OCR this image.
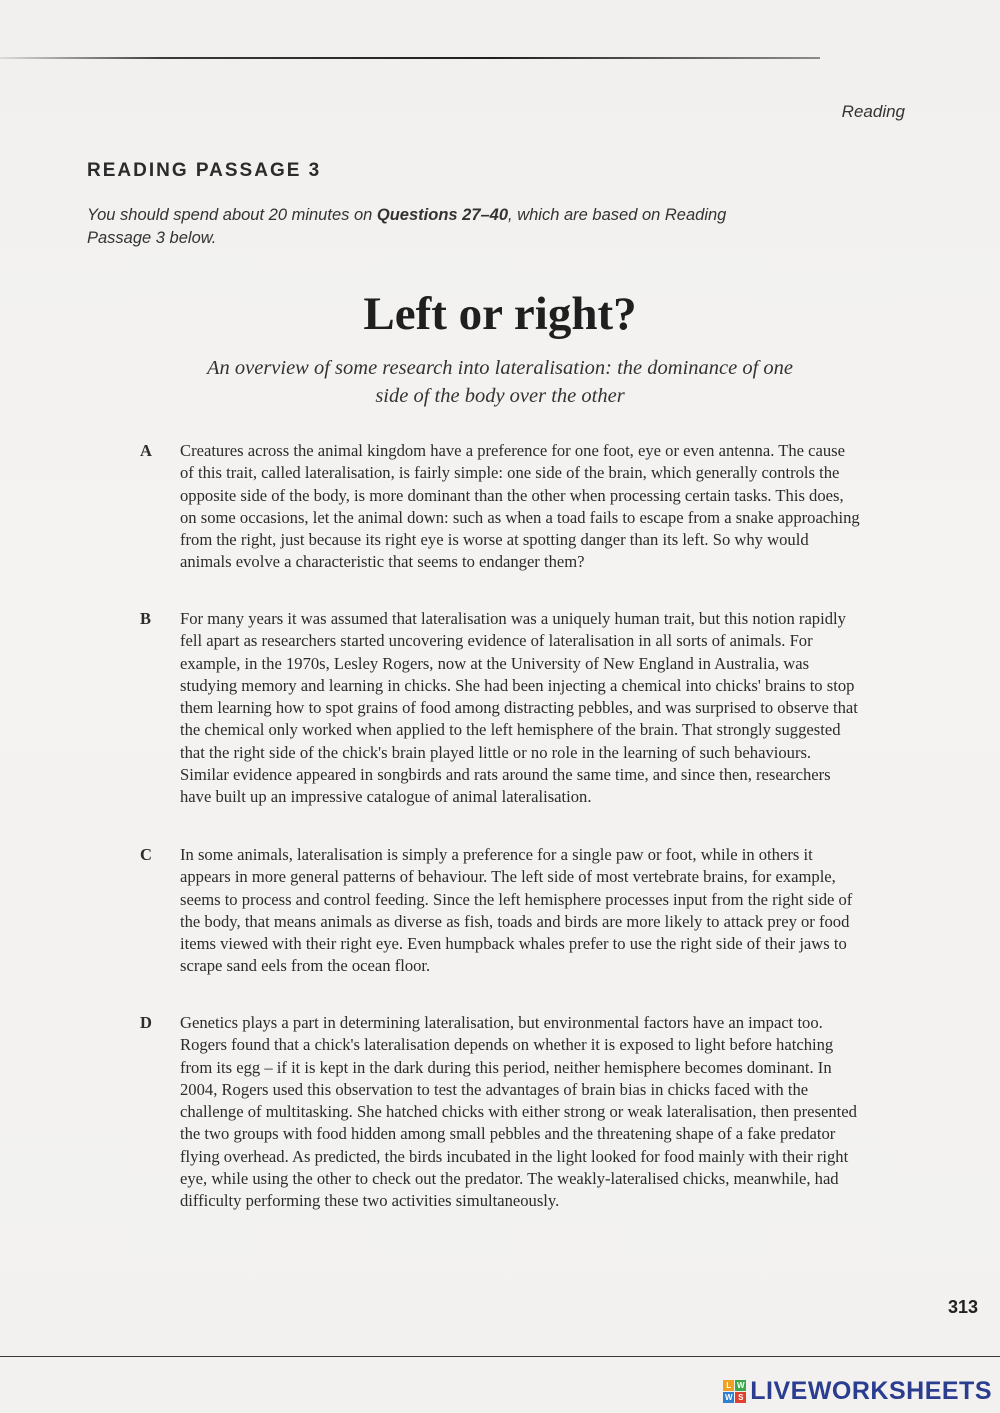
Reading
READING PASSAGE 3
You should spend about 20 minutes on Questions 27–40, which are based on Reading Passage 3 below.
Left or right?
An overview of some research into lateralisation: the dominance of one side of the body over the other
A Creatures across the animal kingdom have a preference for one foot, eye or even antenna. The cause of this trait, called lateralisation, is fairly simple: one side of the brain, which generally controls the opposite side of the body, is more dominant than the other when processing certain tasks. This does, on some occasions, let the animal down: such as when a toad fails to escape from a snake approaching from the right, just because its right eye is worse at spotting danger than its left. So why would animals evolve a characteristic that seems to endanger them?
B For many years it was assumed that lateralisation was a uniquely human trait, but this notion rapidly fell apart as researchers started uncovering evidence of lateralisation in all sorts of animals. For example, in the 1970s, Lesley Rogers, now at the University of New England in Australia, was studying memory and learning in chicks. She had been injecting a chemical into chicks' brains to stop them learning how to spot grains of food among distracting pebbles, and was surprised to observe that the chemical only worked when applied to the left hemisphere of the brain. That strongly suggested that the right side of the chick's brain played little or no role in the learning of such behaviours. Similar evidence appeared in songbirds and rats around the same time, and since then, researchers have built up an impressive catalogue of animal lateralisation.
C In some animals, lateralisation is simply a preference for a single paw or foot, while in others it appears in more general patterns of behaviour. The left side of most vertebrate brains, for example, seems to process and control feeding. Since the left hemisphere processes input from the right side of the body, that means animals as diverse as fish, toads and birds are more likely to attack prey or food items viewed with their right eye. Even humpback whales prefer to use the right side of their jaws to scrape sand eels from the ocean floor.
D Genetics plays a part in determining lateralisation, but environmental factors have an impact too. Rogers found that a chick's lateralisation depends on whether it is exposed to light before hatching from its egg – if it is kept in the dark during this period, neither hemisphere becomes dominant. In 2004, Rogers used this observation to test the advantages of brain bias in chicks faced with the challenge of multitasking. She hatched chicks with either strong or weak lateralisation, then presented the two groups with food hidden among small pebbles and the threatening shape of a fake predator flying overhead. As predicted, the birds incubated in the light looked for food mainly with their right eye, while using the other to check out the predator. The weakly-lateralised chicks, meanwhile, had difficulty performing these two activities simultaneously.
313
L W
W S LIVEWORKSHEETS
